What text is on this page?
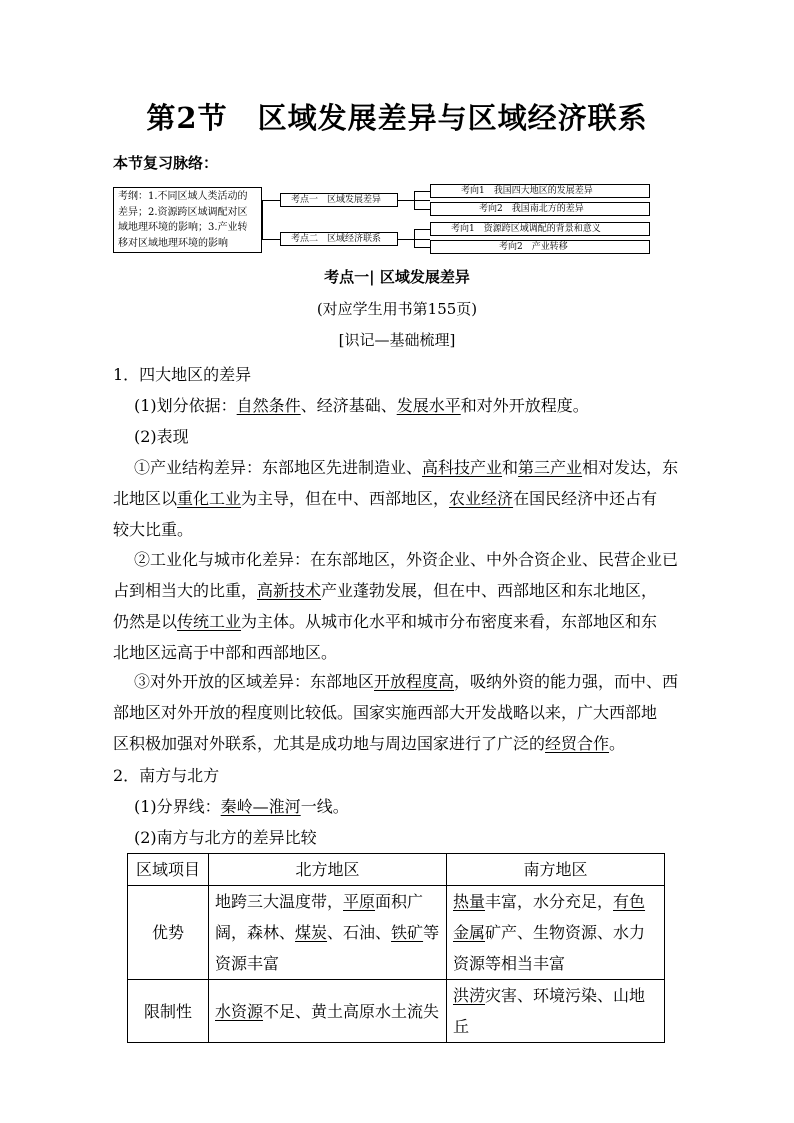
第2节 区域发展差异与区域经济联系
本节复习脉络：
考纲：1.不同区域人类活动的
差异；2.资源跨区域调配对区
域地理环境的影响；3.产业转
移对区域地理环境的影响
考点一　区域发展差异
考点二　区域经济联系
考向1　我国四大地区的发展差异
考向2　我国南北方的差异
考向1　资源跨区域调配的背景和意义
考向2　产业转移
考点一| 区域发展差异
(对应学生用书第155页)
[识记—基础梳理]
1．四大地区的差异
(1)划分依据：自然条件、经济基础、发展水平和对外开放程度。
(2)表现
①产业结构差异：东部地区先进制造业、高科技产业和第三产业相对发达，东
北地区以重化工业为主导，但在中、西部地区，农业经济在国民经济中还占有
较大比重。
②工业化与城市化差异：在东部地区，外资企业、中外合资企业、民营企业已
占到相当大的比重，高新技术产业蓬勃发展，但在中、西部地区和东北地区，
仍然是以传统工业为主体。从城市化水平和城市分布密度来看，东部地区和东
北地区远高于中部和西部地区。
③对外开放的区域差异：东部地区开放程度高，吸纳外资的能力强，而中、西
部地区对外开放的程度则比较低。国家实施西部大开发战略以来，广大西部地
区积极加强对外联系，尤其是成功地与周边国家进行了广泛的经贸合作。
2．南方与北方
(1)分界线：秦岭—淮河一线。
(2)南方与北方的差异比较
区域项目	北方地区	南方地区
优势	地跨三大温度带，平原面积广阔，森林、煤炭、石油、铁矿等资源丰富	热量丰富，水分充足，有色金属矿产、生物资源、水力资源等相当丰富
限制性	水资源不足、黄土高原水土流失	洪涝灾害、环境污染、山地丘
